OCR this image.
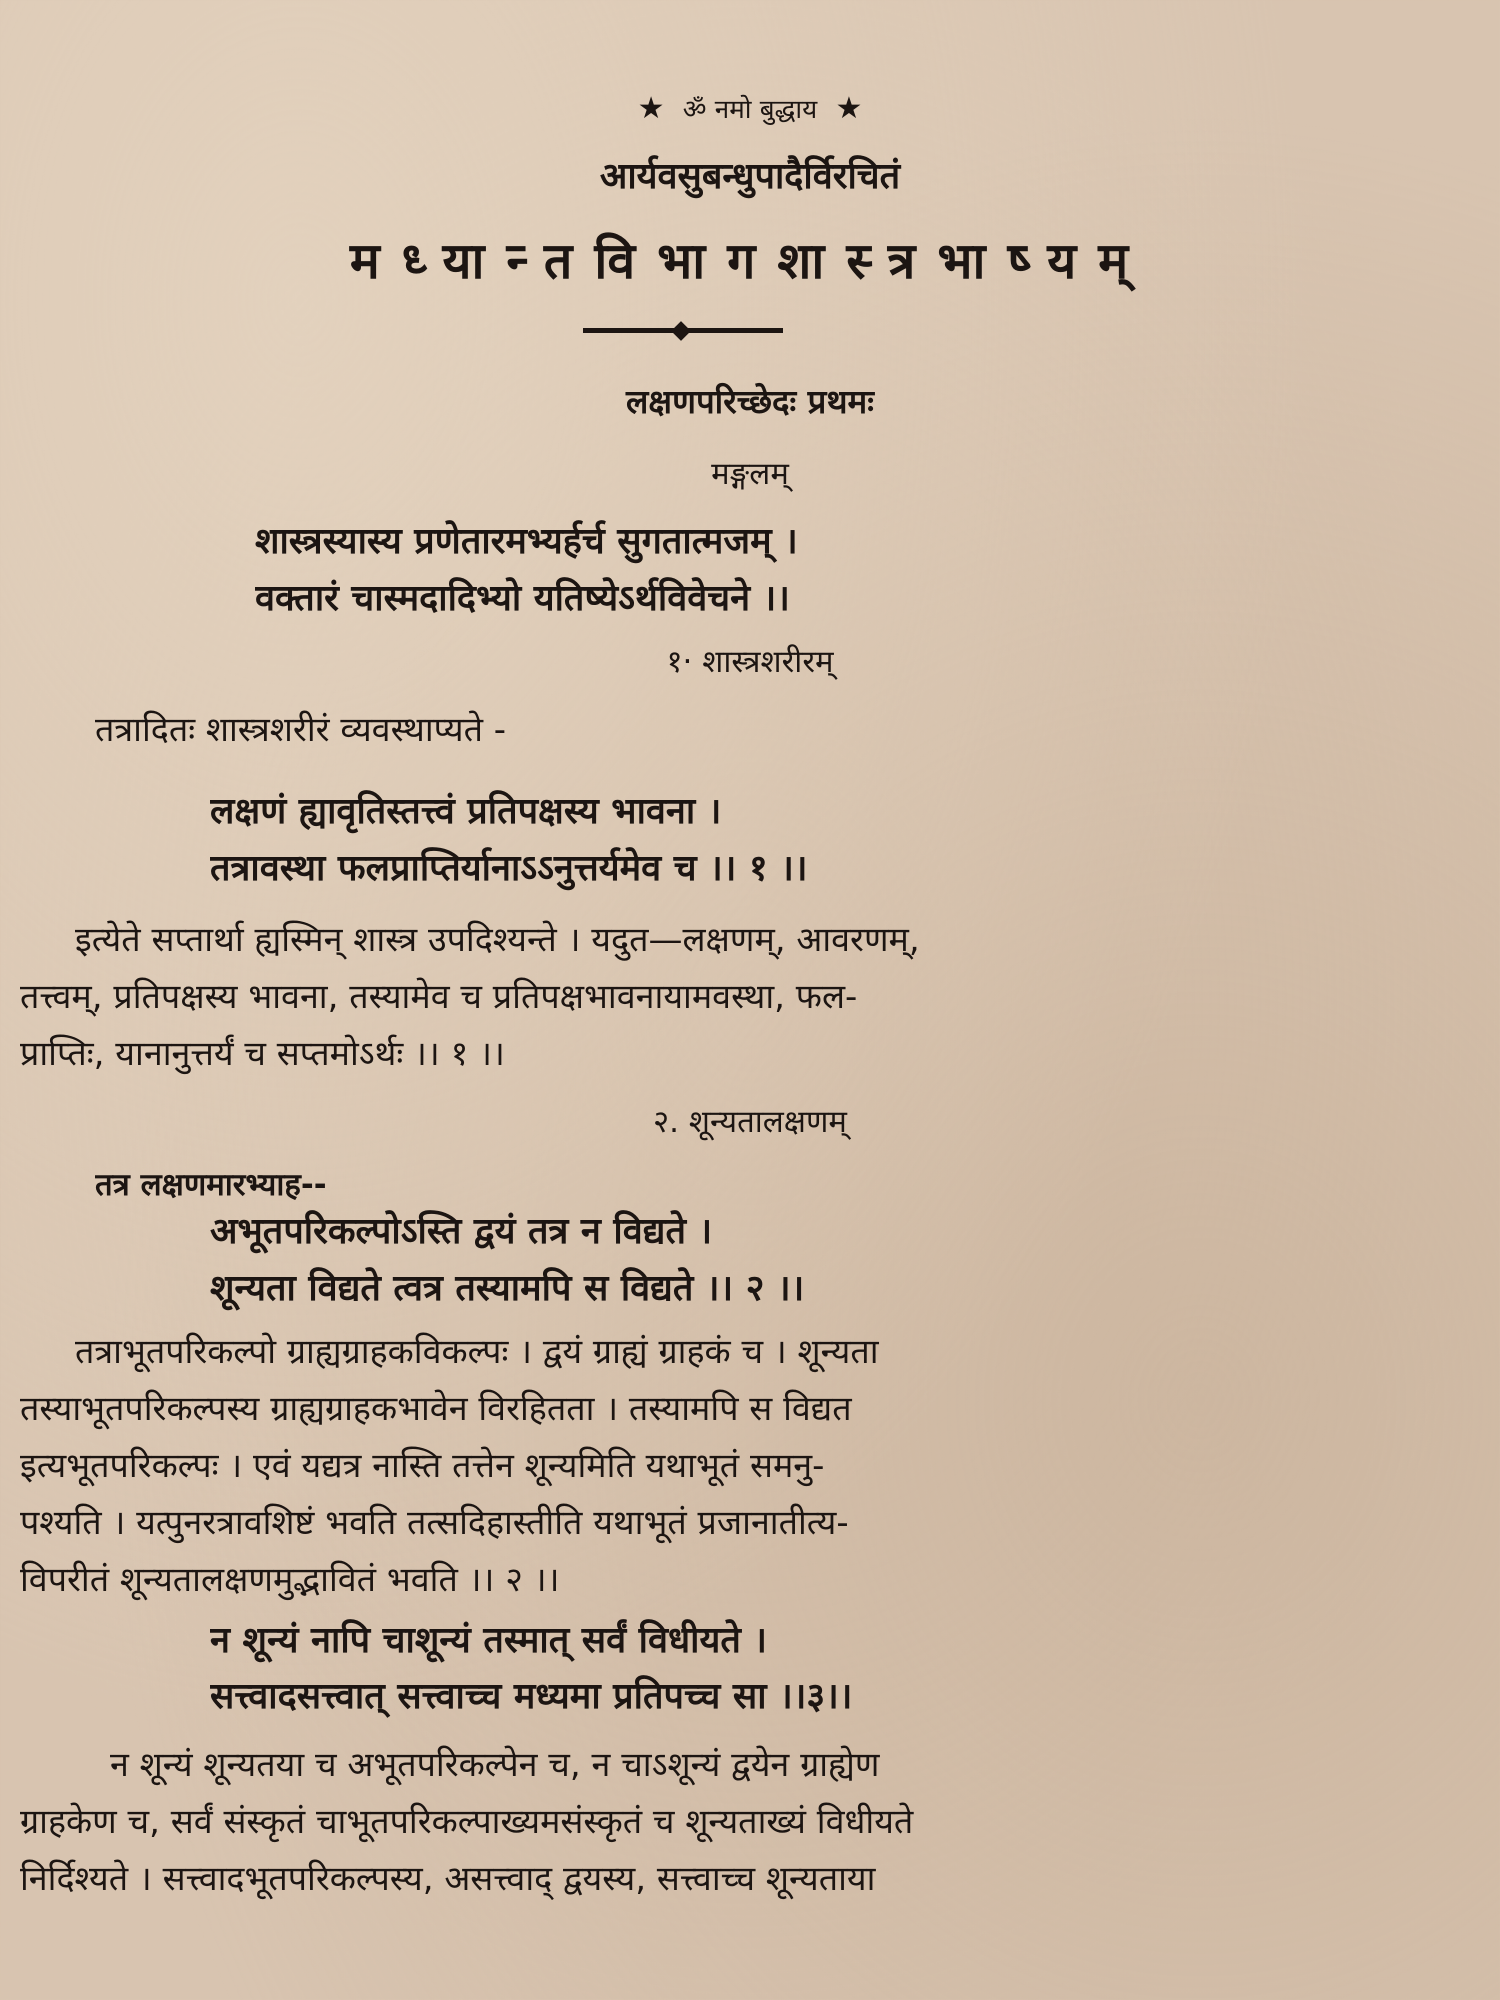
★ ॐ नमो बुद्धाय ★
आर्यवसुबन्धुपादैर्विरचितं
मध्यान्तविभागशास्त्रभाष्यम्
लक्षणपरिच्छेदः प्रथमः
मङ्गलम्
शास्त्रस्यास्य प्रणेतारमभ्यर्हर्च सुगतात्मजम् ।
वक्तारं चास्मदादिभ्यो यतिष्येऽर्थविवेचने ।।
१· शास्त्रशरीरम्
तत्रादितः शास्त्रशरीरं व्यवस्थाप्यते -
लक्षणं ह्यावृतिस्तत्त्वं प्रतिपक्षस्य भावना ।
तत्रावस्था फलप्राप्तिर्यानाऽऽनुत्तर्यमेव च ।। १ ।।
इत्येते सप्तार्था ह्यस्मिन् शास्त्र उपदिश्यन्ते । यदुत—लक्षणम्, आवरणम्,
तत्त्वम्, प्रतिपक्षस्य भावना, तस्यामेव च प्रतिपक्षभावनायामवस्था, फल-
प्राप्तिः, यानानुत्तर्यं च सप्तमोऽर्थः ।। १ ।।
२. शून्यतालक्षणम्
तत्र लक्षणमारभ्याह--
अभूतपरिकल्पोऽस्ति द्वयं तत्र न विद्यते ।
शून्यता विद्यते त्वत्र तस्यामपि स विद्यते ।। २ ।।
तत्राभूतपरिकल्पो ग्राह्यग्राहकविकल्पः । द्वयं ग्राह्यं ग्राहकं च । शून्यता
तस्याभूतपरिकल्पस्य ग्राह्यग्राहकभावेन विरहितता । तस्यामपि स विद्यत
इत्यभूतपरिकल्पः । एवं यद्यत्र नास्ति तत्तेन शून्यमिति यथाभूतं समनु-
पश्यति । यत्पुनरत्रावशिष्टं भवति तत्सदिहास्तीति यथाभूतं प्रजानातीत्य-
विपरीतं शून्यतालक्षणमुद्भावितं भवति ।। २ ।।
न शून्यं नापि चाशून्यं तस्मात् सर्वं विधीयते ।
सत्त्वादसत्त्वात् सत्त्वाच्च मध्यमा प्रतिपच्च सा ।।३।।
न शून्यं शून्यतया च अभूतपरिकल्पेन च, न चाऽशून्यं द्वयेन ग्राह्येण
ग्राहकेण च, सर्वं संस्कृतं चाभूतपरिकल्पाख्यमसंस्कृतं च शून्यताख्यं विधीयते
निर्दिश्यते । सत्त्वादभूतपरिकल्पस्य, असत्त्वाद् द्वयस्य, सत्त्वाच्च शून्यताया
